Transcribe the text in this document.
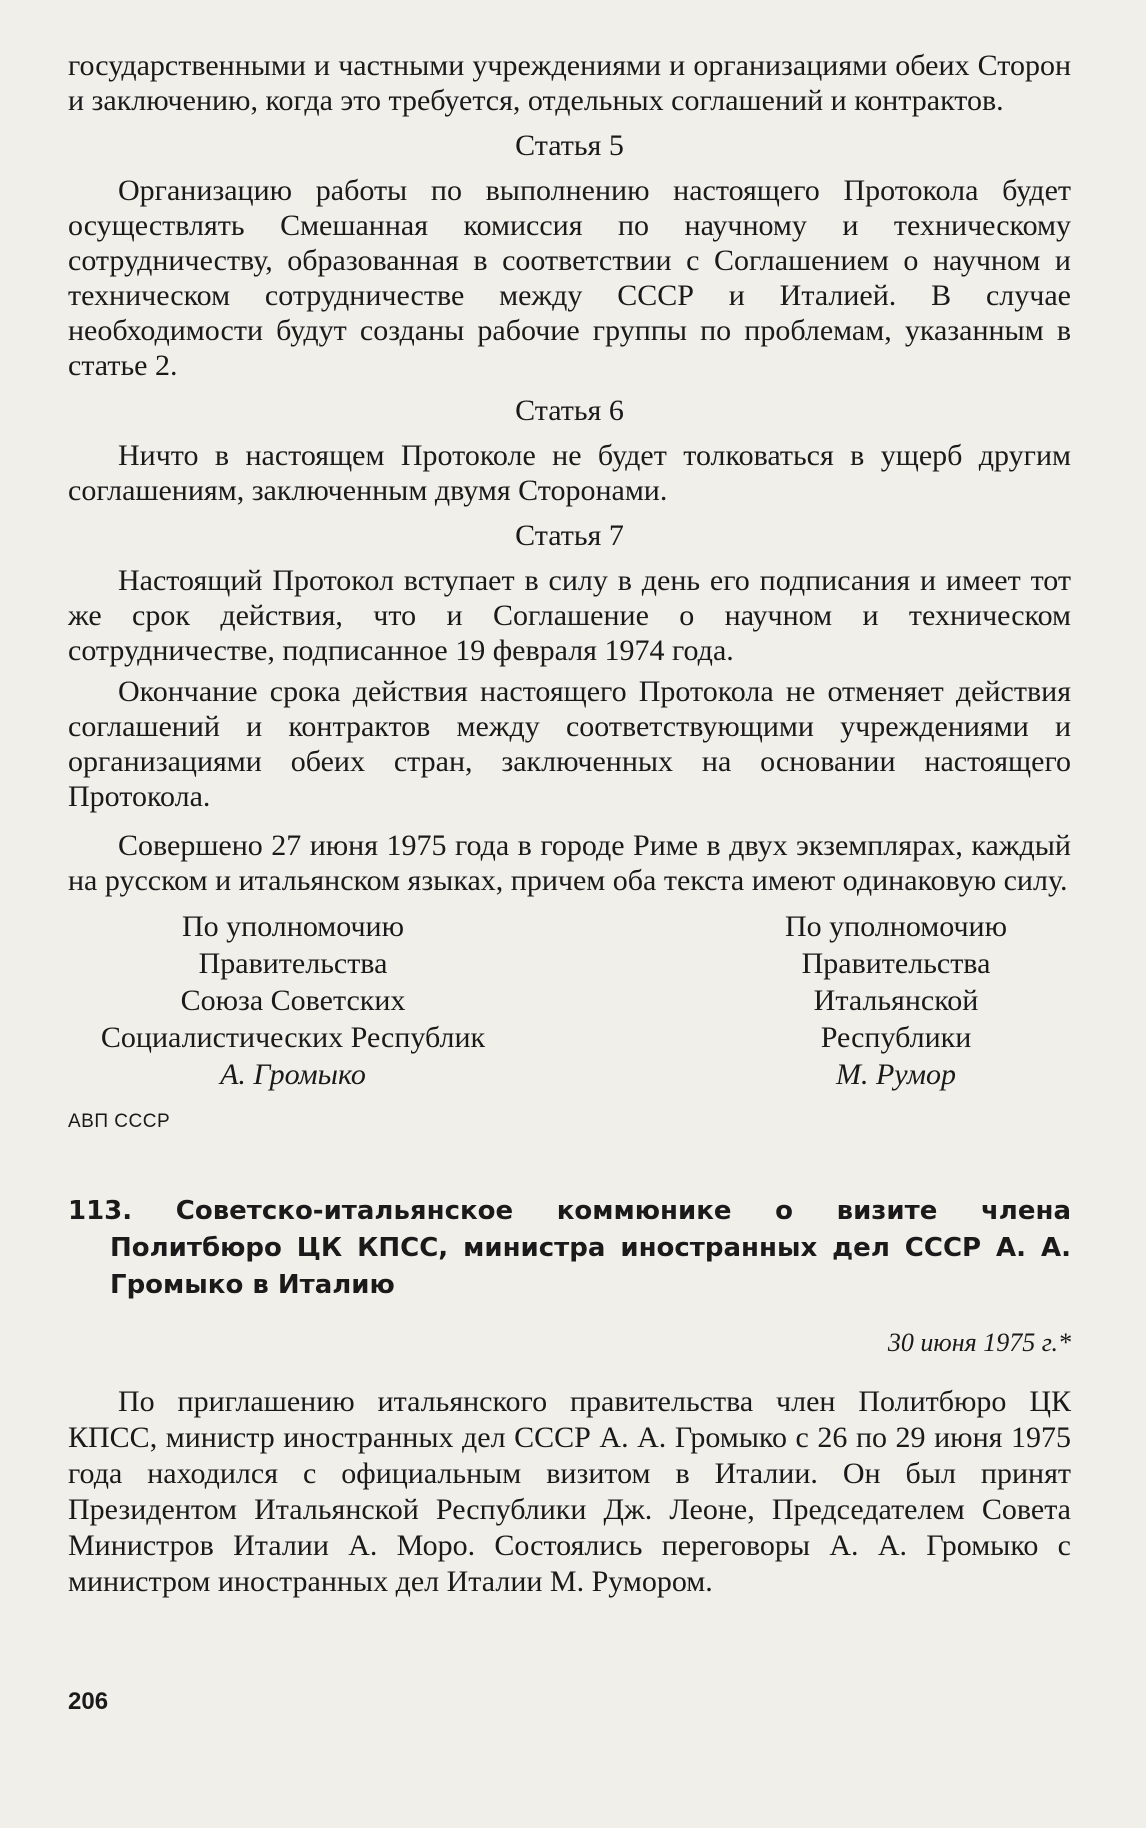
государственными и частными учреждениями и организациями обеих Сторон и заключению, когда это требуется, отдельных соглашений и контрактов.

Статья 5

Организацию работы по выполнению настоящего Протокола будет осуществлять Смешанная комиссия по научному и техническому сотрудничеству, образованная в соответствии с Соглашением о научном и техническом сотрудничестве между СССР и Италией. В случае необходимости будут созданы рабочие группы по проблемам, указанным в статье 2.

Статья 6

Ничто в настоящем Протоколе не будет толковаться в ущерб другим соглашениям, заключенным двумя Сторонами.

Статья 7

Настоящий Протокол вступает в силу в день его подписания и имеет тот же срок действия, что и Соглашение о научном и техническом сотрудничестве, подписанное 19 февраля 1974 года.

Окончание срока действия настоящего Протокола не отменяет действия соглашений и контрактов между соответствующими учреждениями и организациями обеих стран, заключенных на основании настоящего Протокола.

Совершено 27 июня 1975 года в городе Риме в двух экземплярах, каждый на русском и итальянском языках, причем оба текста имеют одинаковую силу.

По уполномочию
Правительства
Союза Советских
Социалистических Республик
А. Громыко
По уполномочию
Правительства
Итальянской
Республики
М. Румор
АВП СССР
113. Советско-итальянское коммюнике о визите члена Политбюро ЦК КПСС, министра иностранных дел СССР А. А. Громыко в Италию
30 июня 1975 г.*

По приглашению итальянского правительства член Политбюро ЦК КПСС, министр иностранных дел СССР А. А. Громыко с 26 по 29 июня 1975 года находился с официальным визитом в Италии. Он был принят Президентом Итальянской Республики Дж. Леоне, Председателем Совета Министров Италии А. Моро. Состоялись переговоры А. А. Громыко с министром иностранных дел Италии М. Румором.

206
